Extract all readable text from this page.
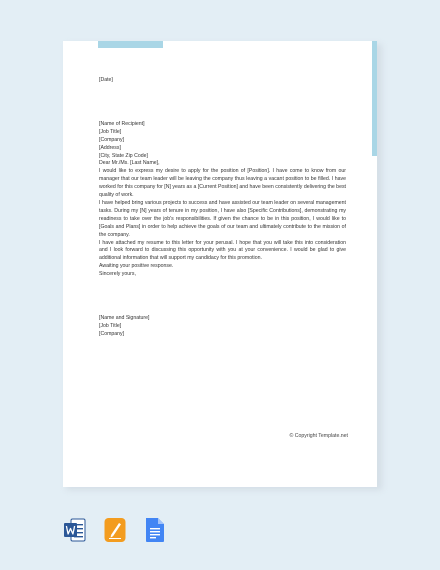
[Date]

[Name of Recipient]
[Job Title]
[Company]
[Address]
[City, State Zip Code]

Dear Mr./Ms. [Last Name],

I would like to express my desire to apply for the position of [Position]. I have come to know from our manager that our team leader will be leaving the company thus leaving a vacant position to be filled. I have worked for this company for [N] years as a [Current Position] and have been consistently delivering the best quality of work.

I have helped bring various projects to success and have assisted our team leader on several management tasks. During my [N] years of tenure in my position, I have also [Specific Contributions], demonstrating my readiness to take over the job's responsibilities. If given the chance to be in this position, I would like to [Goals and Plans] in order to help achieve the goals of our team and ultimately contribute to the mission of the company.

I have attached my resume to this letter for your perusal. I hope that you will take this into consideration and I look forward to discussing this opportunity with you at your convenience. I would be glad to give additional information that will support my candidacy for this promotion.

Awaiting your positive response.

Sincerely yours,

[Name and Signature]
[Job Title]
[Company]

© Copyright Template.net
